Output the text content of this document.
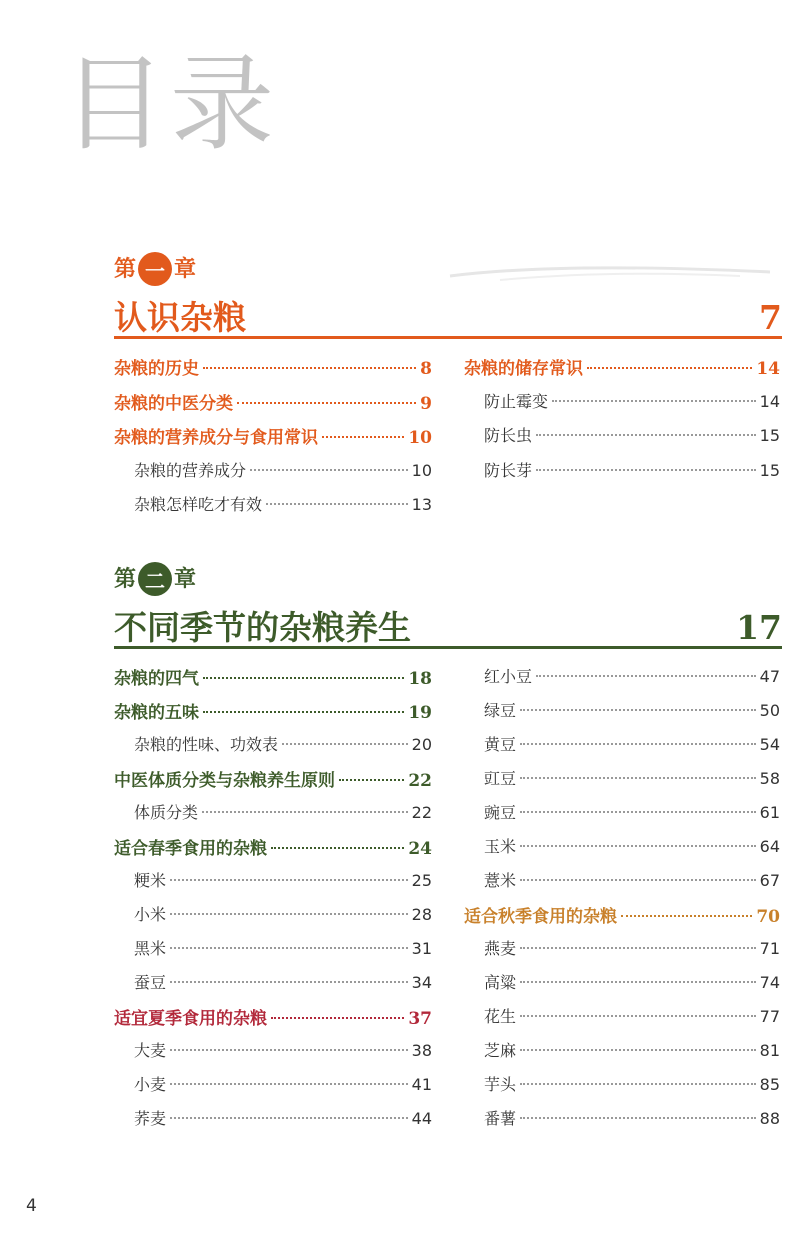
目录
第 一 章
认识杂粮	7
第 二 章
不同季节的杂粮养生	17
杂粮的历史	8
杂粮的中医分类	9
杂粮的营养成分与食用常识	10
杂粮的营养成分	10
杂粮怎样吃才有效	13
杂粮的储存常识	14
防止霉变	14
防长虫	15
防长芽	15
杂粮的四气	18
杂粮的五味	19
杂粮的性味、功效表	20
中医体质分类与杂粮养生原则	22
体质分类	22
适合春季食用的杂粮	24
粳米	25
小米	28
黑米	31
蚕豆	34
适宜夏季食用的杂粮	37
大麦	38
小麦	41
荞麦	44
红小豆	47
绿豆	50
黄豆	54
豇豆	58
豌豆	61
玉米	64
薏米	67
适合秋季食用的杂粮	70
燕麦	71
高粱	74
花生	77
芝麻	81
芋头	85
番薯	88
4
